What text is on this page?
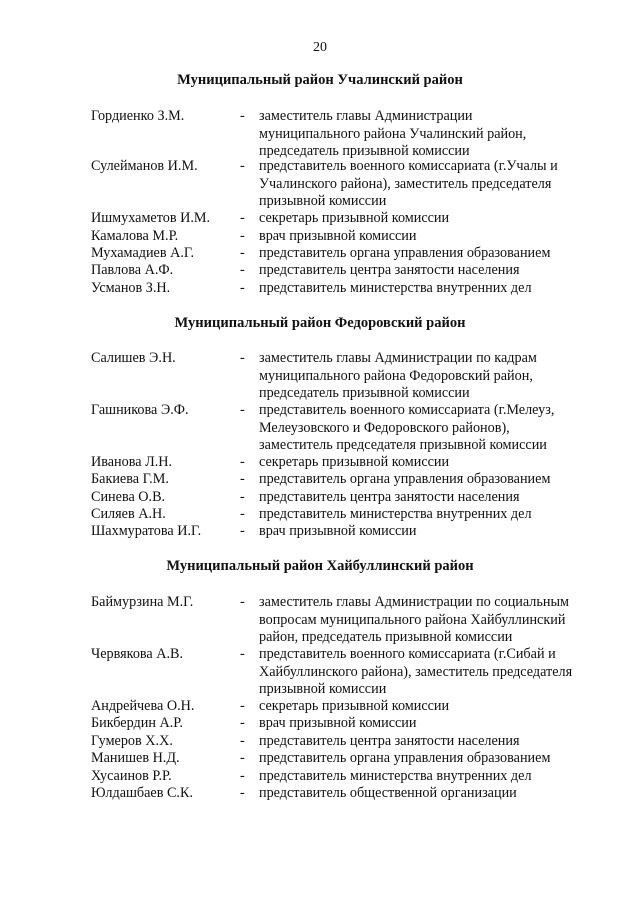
20
Муниципальный район Учалинский район
Гордиенко З.М.	- заместитель главы Администрации
муниципального района Учалинский район,
председатель призывной комиссии
Сулейманов И.М.	- представитель военного комиссариата (г.Учалы и
Учалинского района), заместитель председателя
призывной комиссии
Ишмухаметов И.М. - секретарь призывной комиссии
Камалова М.Р.	- врач призывной комиссии
Мухамадиев А.Г.	- представитель органа управления образованием
Павлова А.Ф.	- представитель центра занятости населения
Усманов З.Н.	- представитель министерства внутренних дел
Муниципальный район Федоровский район
Салишев Э.Н.	- заместитель главы Администрации по кадрам
муниципального района Федоровский район,
председатель призывной комиссии
Гашникова Э.Ф.	- представитель военного комиссариата (г.Мелеуз,
Мелеузовского и Федоровского районов),
заместитель председателя призывной комиссии
Иванова Л.Н.	- секретарь призывной комиссии
Бакиева Г.М.	- представитель органа управления образованием
Синева О.В.	- представитель центра занятости населения
Силяев А.Н.	- представитель министерства внутренних дел
Шахмуратова И.Г.	- врач призывной комиссии
Муниципальный район Хайбуллинский район
Баймурзина М.Г.	- заместитель главы Администрации по социальным
вопросам муниципального района Хайбуллинский
район, председатель призывной комиссии
Червякова А.В.	- представитель военного комиссариата (г.Сибай и
Хайбуллинского района), заместитель председателя
призывной комиссии
Андрейчева О.Н.	- секретарь призывной комиссии
Бикбердин А.Р.	- врач призывной комиссии
Гумеров Х.Х.	- представитель центра занятости населения
Манишев Н.Д.	- представитель органа управления образованием
Хусаинов Р.Р.	- представитель министерства внутренних дел
Юлдашбаев С.К.	- представитель общественной организации
